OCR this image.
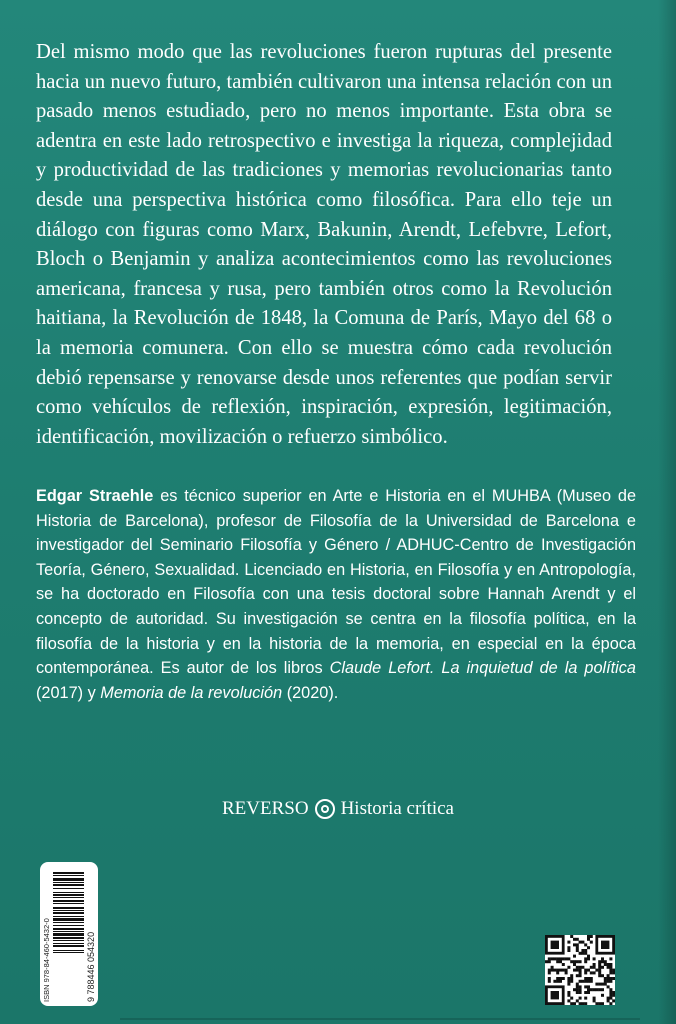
Del mismo modo que las revoluciones fueron rupturas del presente hacia un nuevo futuro, también cultivaron una intensa relación con un pasado menos estudiado, pero no menos importante. Esta obra se adentra en este lado retrospectivo e investiga la riqueza, complejidad y productividad de las tradiciones y memorias revolucionarias tanto desde una perspectiva histórica como filosófica. Para ello teje un diálogo con figuras como Marx, Bakunin, Arendt, Lefebvre, Lefort, Bloch o Benjamin y analiza acontecimientos como las revoluciones americana, francesa y rusa, pero también otros como la Revolución haitiana, la Revolución de 1848, la Comuna de París, Mayo del 68 o la memoria comunera. Con ello se muestra cómo cada revolución debió repensarse y renovarse desde unos referentes que podían servir como vehículos de reflexión, inspiración, expresión, legitimación, identificación, movilización o refuerzo simbólico.

Edgar Straehle es técnico superior en Arte e Historia en el MUHBA (Museo de Historia de Barcelona), profesor de Filosofía de la Universidad de Barcelona e investigador del Seminario Filosofía y Género / ADHUC-Centro de Investigación Teoría, Género, Sexualidad. Licenciado en Historia, en Filosofía y en Antropología, se ha doctorado en Filosofía con una tesis doctoral sobre Hannah Arendt y el concepto de autoridad. Su investigación se centra en la filosofía política, en la filosofía de la historia y en la historia de la memoria, en especial en la época contemporánea. Es autor de los libros Claude Lefort. La inquietud de la política (2017) y Memoria de la revolución (2020).

REVERSO Historia crítica
ISBN 978-84-460-5432-0	9 788446 054320
